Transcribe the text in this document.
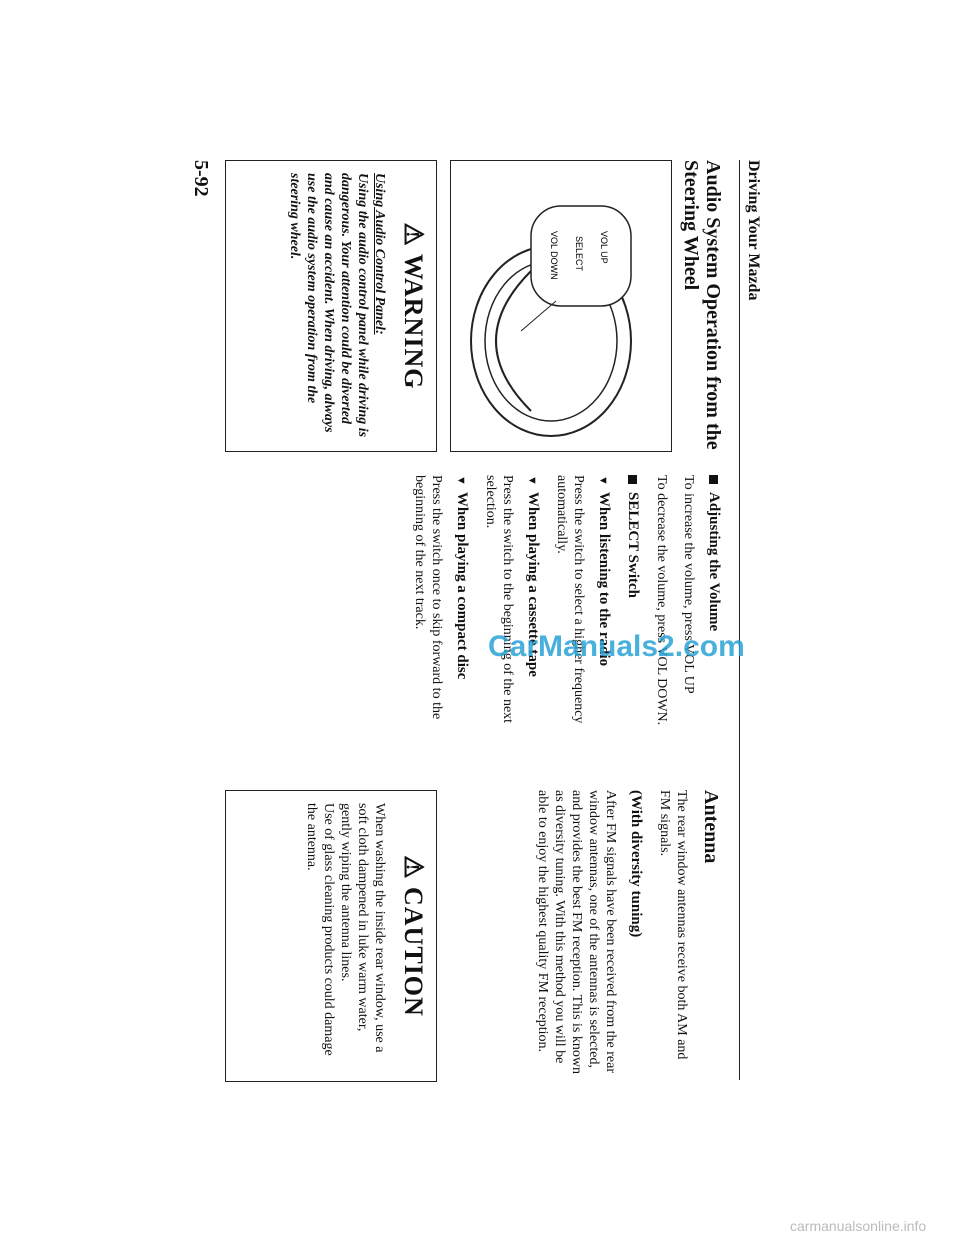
Driving Your Mazda
Audio System Operation from the Steering Wheel
VOL UP
SELECT
VOL DOWN
⚠ WARNING
Using Audio Control Panel:
Using the audio control panel while driving is dangerous. Your attention could be diverted and cause an accident. When driving, always use the audio system operation from the steering wheel.
Adjusting the Volume
To increase the volume, press VOL UP
To decrease the volume, press VOL DOWN.
SELECT Switch
▼When listening to the radio
Press the switch to select a higher frequency automatically.
▼When playing a cassette tape
Press the switch to the beginning of the next selection.
▼When playing a compact disc
Press the switch once to skip forward to the beginning of the next track.
Antenna
The rear window antennas receive both AM and FM signals.
(With diversity tuning)
After FM signals have been received from the rear window antennas, one of the antennas is selected, and provides the best FM reception. This is known as diversity tuning. With this method you will be able to enjoy the highest quality FM reception.
⚠ CAUTION
When washing the inside rear window, use a soft cloth dampened in luke warm water, gently wiping the antenna lines.
Use of glass cleaning products could damage the antenna.
5-92
CarManuals2.com
carmanualsonline.info
